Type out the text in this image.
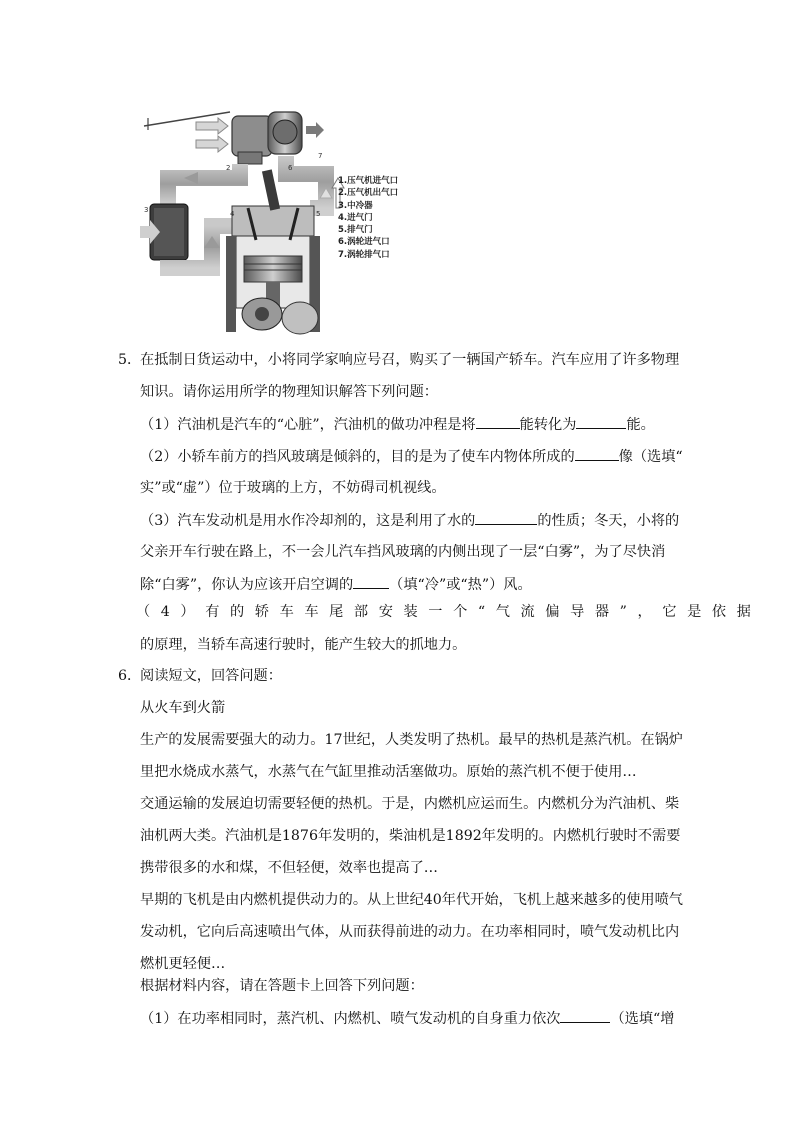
2
3	4	5
6
7
1.压气机进气口
2.压气机出气口
3.中冷器
4.进气门
5.排气门
6.涡轮进气口
7.涡轮排气口
5．
在抵制日货运动中，小将同学家响应号召，购买了一辆国产轿车。汽车应用了许多物理
知识。请你运用所学的物理知识解答下列问题：
（1）汽油机是汽车的“心脏”，汽油机的做功冲程是将	能转化为	能。
（2）小轿车前方的挡风玻璃是倾斜的，目的是为了使车内物体所成的	像（选填“
实”或“虚”）位于玻璃的上方，不妨碍司机视线。
（3）汽车发动机是用水作冷却剂的，这是利用了水的	的性质；冬天，小将的
父亲开车行驶在路上，不一会儿汽车挡风玻璃的内侧出现了一层“白雾”，为了尽快消
除“白雾”，你认为应该开启空调的	（填“冷”或“热”）风。
（4）有的轿车车尾部安装一个“气流偏导器”，它是依据
的原理，当轿车高速行驶时，能产生较大的抓地力。
6．
阅读短文，回答问题：
从火车到火箭
生产的发展需要强大的动力。17世纪，人类发明了热机。最早的热机是蒸汽机。在锅炉
里把水烧成水蒸气，水蒸气在气缸里推动活塞做功。原始的蒸汽机不便于使用…
交通运输的发展迫切需要轻便的热机。于是，内燃机应运而生。内燃机分为汽油机、柴
油机两大类。汽油机是1876年发明的，柴油机是1892年发明的。内燃机行驶时不需要
携带很多的水和煤，不但轻便，效率也提高了…
早期的飞机是由内燃机提供动力的。从上世纪40年代开始，飞机上越来越多的使用喷气
发动机，它向后高速喷出气体，从而获得前进的动力。在功率相同时，喷气发动机比内
燃机更轻便…
根据材料内容，请在答题卡上回答下列问题：
（1）在功率相同时，蒸汽机、内燃机、喷气发动机的自身重力依次	（选填“增
